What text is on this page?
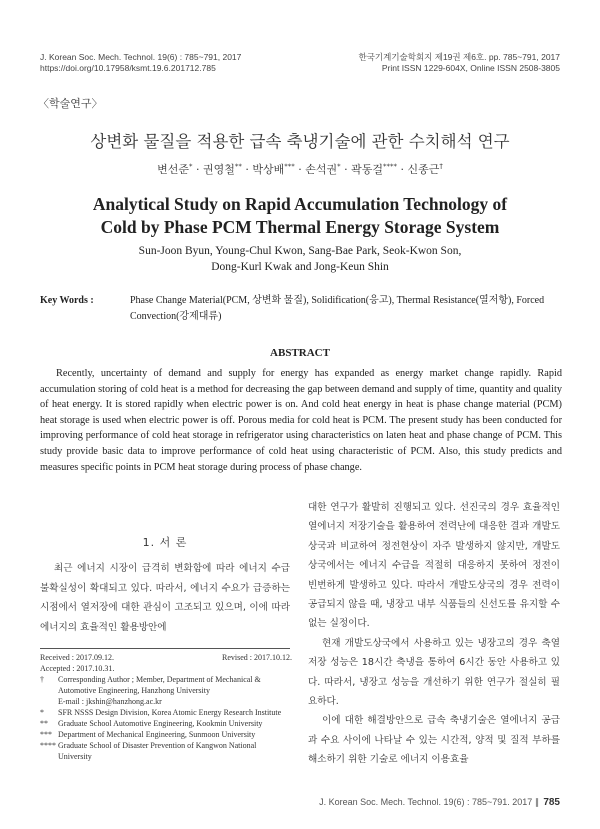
J. Korean Soc. Mech. Technol. 19(6) : 785~791, 2017
https://doi.org/10.17958/ksmt.19.6.201712.785
한국기계기술학회지 제19권 제6호. pp. 785~791, 2017
Print ISSN 1229-604X, Online ISSN 2508-3805
〈학술연구〉
상변화 물질을 적용한 급속 축냉기술에 관한 수치해석 연구
변선준* · 권영철** · 박상배*** · 손석권* · 곽동걸**** · 신종근†
Analytical Study on Rapid Accumulation Technology of
Cold by Phase PCM Thermal Energy Storage System
Sun-Joon Byun, Young-Chul Kwon, Sang-Bae Park, Seok-Kwon Son,
Dong-Kurl Kwak and Jong-Keun Shin
Key Words :	Phase Change Material(PCM, 상변화 물질), Solidification(응고), Thermal Resistance(열저항), Forced Convection(강제대류)
ABSTRACT
Recently, uncertainty of demand and supply for energy has expanded as energy market change rapidly. Rapid accumulation storing of cold heat is a method for decreasing the gap between demand and supply of time, quantity and quality of heat energy. It is stored rapidly when electric power is on. And cold heat energy in heat is phase change material (PCM) heat storage is used when electric power is off. Porous media for cold heat is PCM. The present study has been conducted for improving performance of cold heat storage in refrigerator using characteristics on laten heat and phase change of PCM. This study provide basic data to improve performance of cold heat using characteristic of PCM. Also, this study predicts and measures specific points in PCM heat storage during process of phase change.
1. 서 론

최근 에너지 시장이 급격히 변화함에 따라 에너지 수급 불확실성이 확대되고 있다. 따라서, 에너지 수요가 급증하는 시점에서 열저장에 대한 관심이 고조되고 있으며, 이에 따라 에너지의 효율적인 활용방안에

대한 연구가 활발히 진행되고 있다. 선진국의 경우 효율적인 열에너지 저장기술을 활용하여 전력난에 대응한 결과 개발도상국과 비교하여 정전현상이 자주 발생하지 않지만, 개발도상국에서는 에너지 수급을 적절히 대응하지 못하여 정전이 빈번하게 발생하고 있다. 따라서 개발도상국의 경우 전력이 공급되지 않을 때, 냉장고 내부 식품들의 신선도를 유지할 수 없는 실정이다.

현재 개발도상국에서 사용하고 있는 냉장고의 경우 축열 저장 성능은 18시간 축냉을 통하여 6시간 동안 사용하고 있다. 따라서, 냉장고 성능을 개선하기 위한 연구가 절실히 필요하다.

이에 대한 해결방안으로 급속 축냉기술은 열에너지 공급과 수요 사이에 나타날 수 있는 시간적, 양적 및 질적 부하를 해소하기 위한 기술로 에너지 이용효율

Received : 2017.09.12.	Revised : 2017.10.12.
Accepted : 2017.10.31.
†	Corresponding Author ; Member, Department of Mechanical & Automotive Engineering, Hanzhong University
E-mail : jkshin@hanzhong.ac.kr
*	SFR NSSS Design Division, Korea Atomic Energy Research Institute
**	Graduate School Automotive Engineering, Kookmin University
*** Department of Mechanical Engineering, Sunmoon University
**** Graduate School of Disaster Prevention of Kangwon National University
J. Korean Soc. Mech. Technol. 19(6) : 785~791. 2017 ∥ 785
